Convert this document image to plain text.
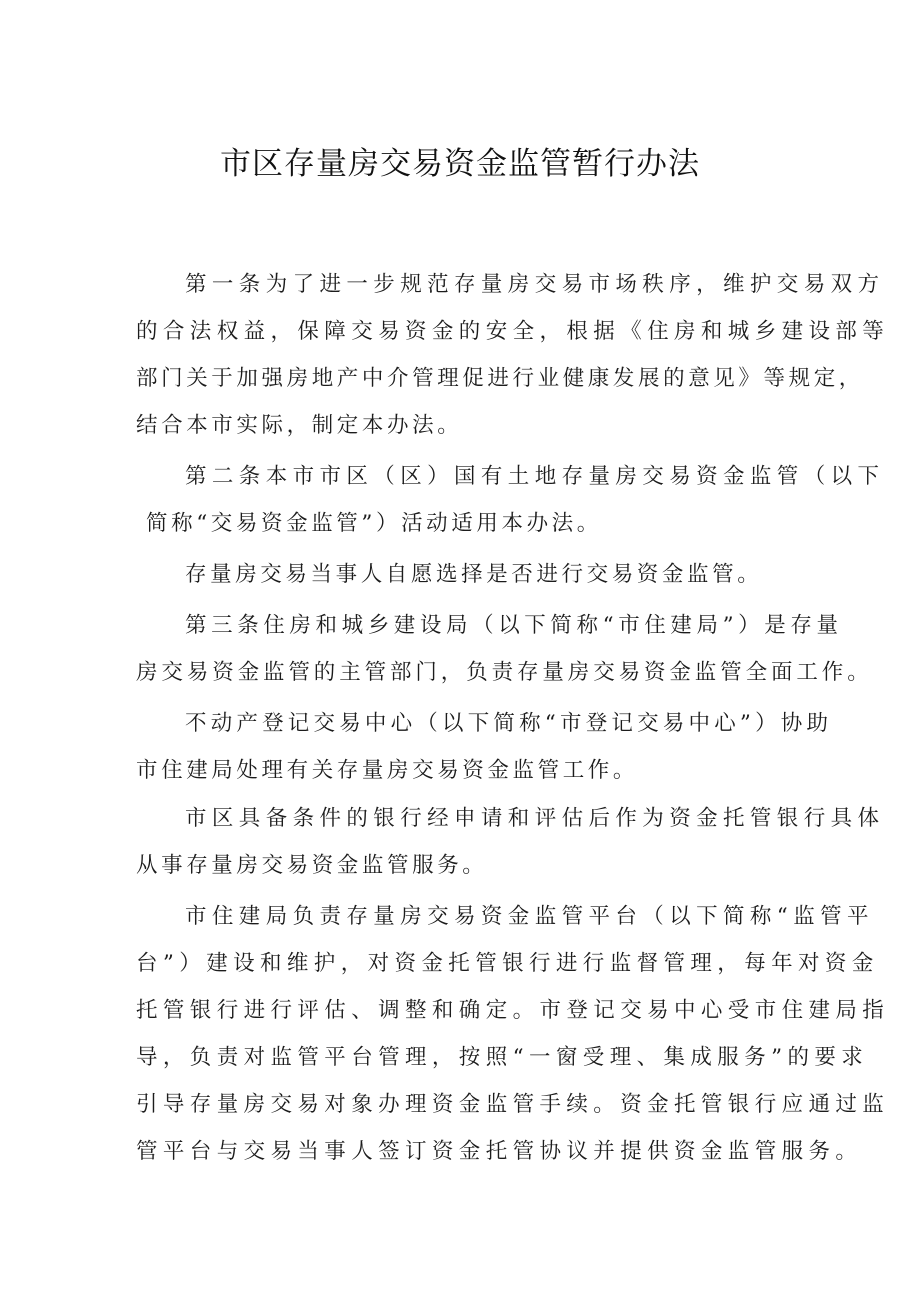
市区存量房交易资金监管暂行办法

第一条为了进一步规范存量房交易市场秩序，维护交易双方

的合法权益，保障交易资金的安全，根据《住房和城乡建设部等

部门关于加强房地产中介管理促进行业健康发展的意见》等规定，

结合本市实际，制定本办法。

第二条本市市区（区）国有土地存量房交易资金监管（以下

简称“交易资金监管”）活动适用本办法。

存量房交易当事人自愿选择是否进行交易资金监管。

第三条住房和城乡建设局（以下简称“市住建局”）是存量

房交易资金监管的主管部门，负责存量房交易资金监管全面工作。

不动产登记交易中心（以下简称“市登记交易中心”）协助

市住建局处理有关存量房交易资金监管工作。

市区具备条件的银行经申请和评估后作为资金托管银行具体

从事存量房交易资金监管服务。

市住建局负责存量房交易资金监管平台（以下简称“监管平

台”）建设和维护，对资金托管银行进行监督管理，每年对资金

托管银行进行评估、调整和确定。市登记交易中心受市住建局指

导，负责对监管平台管理，按照“一窗受理、集成服务”的要求

引导存量房交易对象办理资金监管手续。资金托管银行应通过监

管平台与交易当事人签订资金托管协议并提供资金监管服务。
